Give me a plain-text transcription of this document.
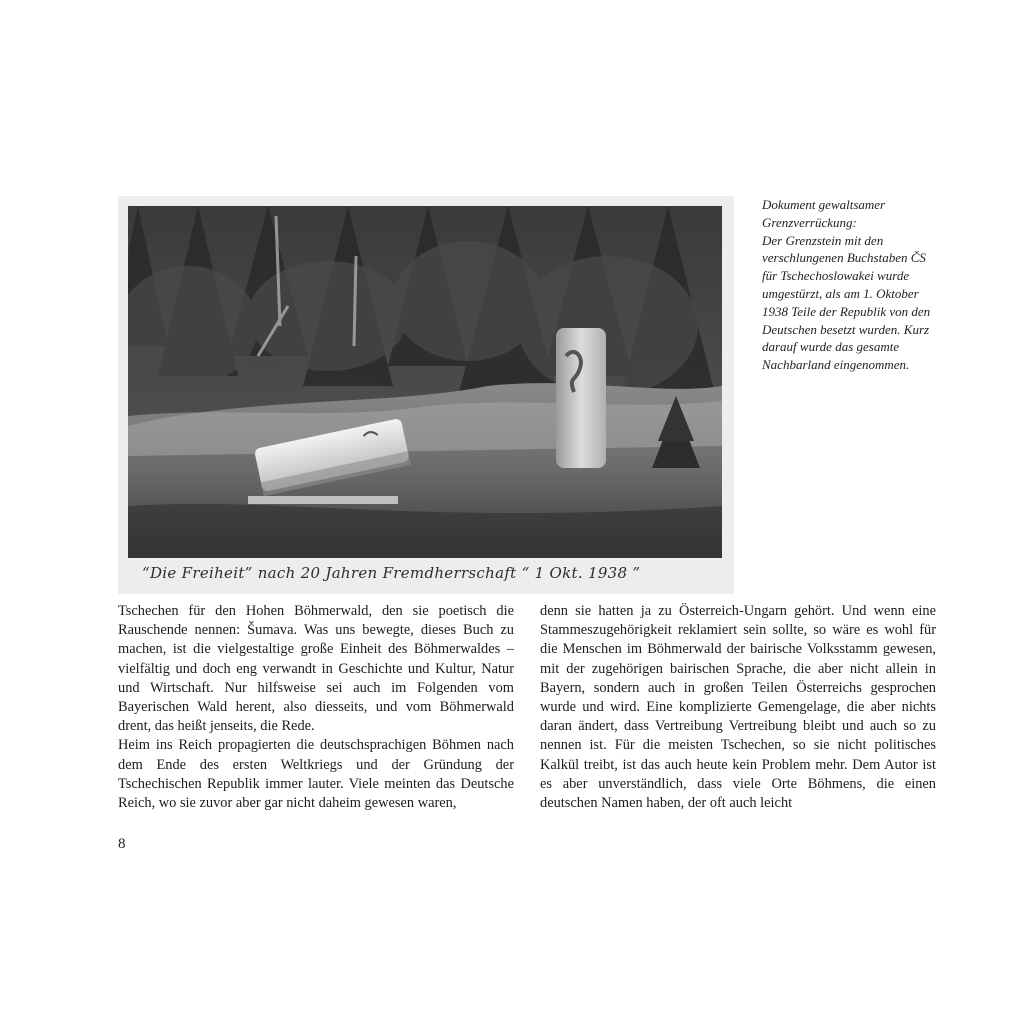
“Die Freiheit” nach 20 Jahren Fremdherrschaft “ 1 Okt. 1938 ”

Dokument gewaltsamer Grenzverrückung:

Der Grenzstein mit den verschlungenen Buchstaben ČS für Tschechoslowakei wurde umgestürzt, als am 1. Oktober 1938 Teile der Republik von den Deutschen besetzt wurden. Kurz darauf wurde das gesamte Nachbarland eingenommen.

Tschechen für den Hohen Böhmerwald, den sie poetisch die Rauschende nennen: Šumava. Was uns bewegte, dieses Buch zu machen, ist die vielgestaltige große Einheit des Böhmerwaldes – vielfältig und doch eng verwandt in Geschichte und Kultur, Natur und Wirtschaft. Nur hilfsweise sei auch im Folgenden vom Bayerischen Wald herent, also diesseits, und vom Böhmerwald drent, das heißt jenseits, die Rede.

Heim ins Reich propagierten die deutschsprachigen Böhmen nach dem Ende des ersten Weltkriegs und der Gründung der Tschechischen Republik immer lauter. Viele meinten das Deutsche Reich, wo sie zuvor aber gar nicht daheim gewesen waren,

denn sie hatten ja zu Österreich-Ungarn gehört. Und wenn eine Stammeszugehörigkeit reklamiert sein sollte, so wäre es wohl für die Menschen im Böhmerwald der bairische Volksstamm gewesen, mit der zugehörigen bairischen Sprache, die aber nicht allein in Bayern, sondern auch in großen Teilen Österreichs gesprochen wurde und wird. Eine komplizierte Gemengelage, die aber nichts daran ändert, dass Vertreibung Vertreibung bleibt und auch so zu nennen ist. Für die meisten Tschechen, so sie nicht politisches Kalkül treibt, ist das auch heute kein Problem mehr. Dem Autor ist es aber unverständlich, dass viele Orte Böhmens, die einen deutschen Namen haben, der oft auch leicht

8
